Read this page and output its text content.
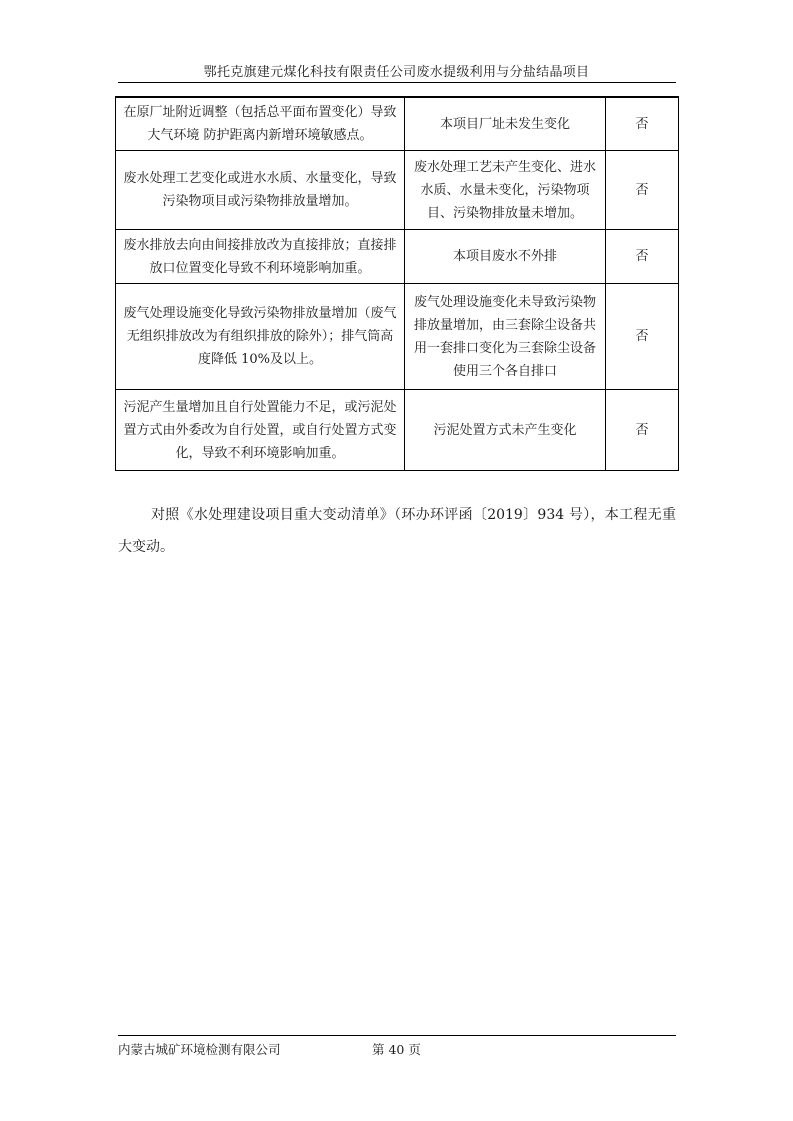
鄂托克旗建元煤化科技有限责任公司废水提级利用与分盐结晶项目
在原厂址附近调整（包括总平面布置变化）导致大气环境 防护距离内新增环境敏感点。	本项目厂址未发生变化	否
废水处理工艺变化或进水水质、水量变化，导致污染物项目或污染物排放量增加。	废水处理工艺未产生变化、进水水质、水量未变化，污染物项目、污染物排放量未增加。	否
废水排放去向由间接排放改为直接排放；直接排放口位置变化导致不利环境影响加重。	本项目废水不外排	否
废气处理设施变化导致污染物排放量增加（废气无组织排放改为有组织排放的除外）；排气筒高度降低 10%及以上。	废气处理设施变化未导致污染物排放量增加，由三套除尘设备共用一套排口变化为三套除尘设备使用三个各自排口	否
污泥产生量增加且自行处置能力不足，或污泥处置方式由外委改为自行处置，或自行处置方式变化，导致不利环境影响加重。	污泥处置方式未产生变化	否

对照《水处理建设项目重大变动清单》（环办环评函〔2019〕934 号），本工程无重大变动。

内蒙古城矿环境检测有限公司	第 40 页
